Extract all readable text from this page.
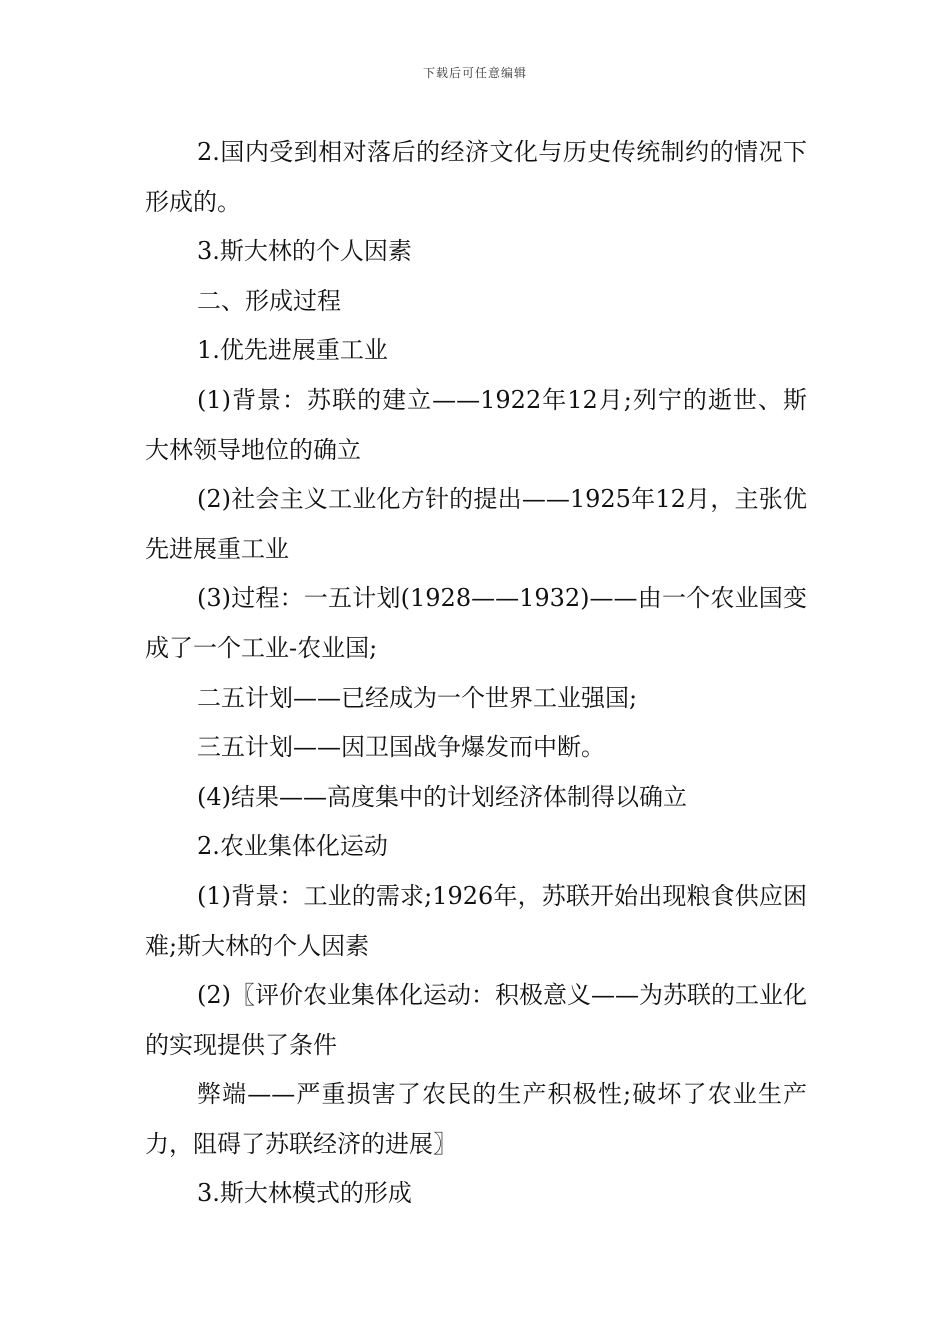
下载后可任意编辑

2.国内受到相对落后的经济文化与历史传统制约的情况下形成的。

3.斯大林的个人因素

二、形成过程

1.优先进展重工业

(1)背景：苏联的建立——1922年12月;列宁的逝世、斯大林领导地位的确立

(2)社会主义工业化方针的提出——1925年12月，主张优先进展重工业

(3)过程：一五计划(1928——1932)——由一个农业国变成了一个工业-农业国;

二五计划——已经成为一个世界工业强国;

三五计划——因卫国战争爆发而中断。

(4)结果——高度集中的计划经济体制得以确立

2.农业集体化运动

(1)背景：工业的需求;1926年，苏联开始出现粮食供应困难;斯大林的个人因素

(2)〖评价农业集体化运动：积极意义——为苏联的工业化的实现提供了条件

弊端——严重损害了农民的生产积极性;破坏了农业生产力，阻碍了苏联经济的进展〗

3.斯大林模式的形成
